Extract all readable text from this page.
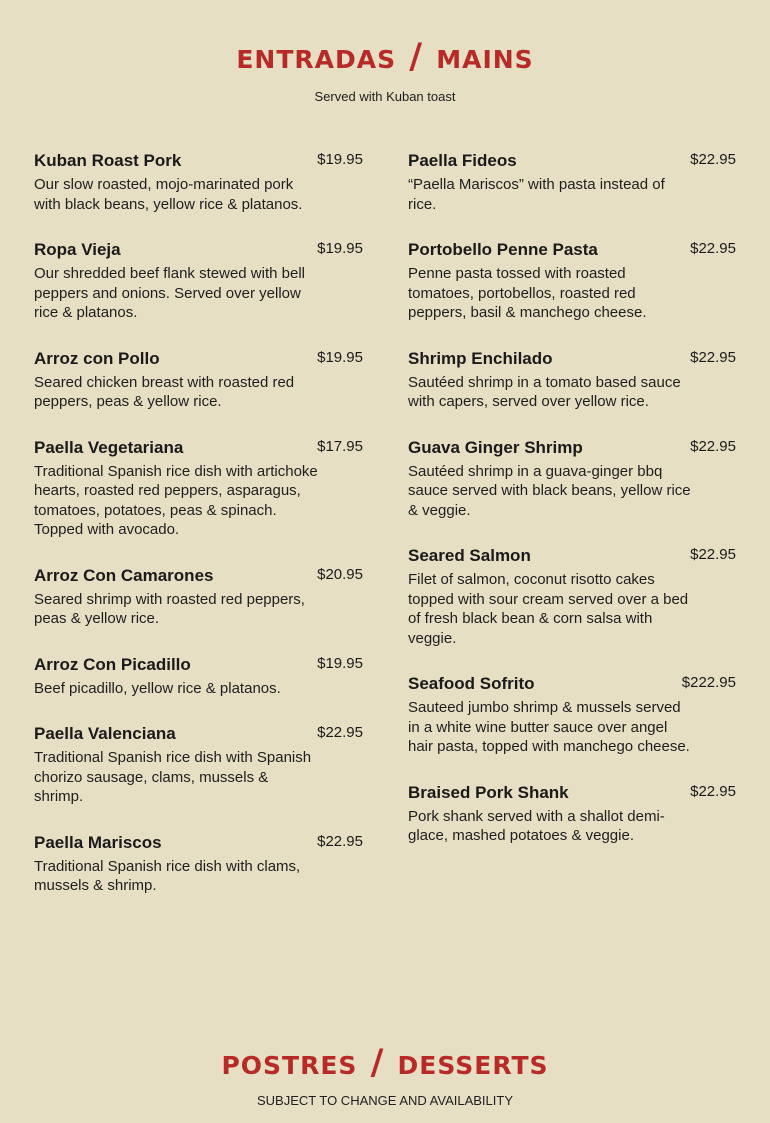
entradas / mains

Served with Kuban toast

Kuban Roast Pork	$19.95

Our slow roasted, mojo-marinated pork with black beans, yellow rice & platanos.

Ropa Vieja	$19.95

Our shredded beef flank stewed with bell peppers and onions. Served over yellow rice & platanos.

Arroz con Pollo	$19.95

Seared chicken breast with roasted red peppers, peas & yellow rice.

Paella Vegetariana	$17.95

Traditional Spanish rice dish with artichoke hearts, roasted red peppers, asparagus, tomatoes, potatoes, peas & spinach. Topped with avocado.

Arroz Con Camarones	$20.95

Seared shrimp with roasted red peppers, peas & yellow rice.

Arroz Con Picadillo	$19.95

Beef picadillo, yellow rice & platanos.

Paella Valenciana	$22.95

Traditional Spanish rice dish with Spanish chorizo sausage, clams, mussels & shrimp.

Paella Mariscos	$22.95

Traditional Spanish rice dish with clams, mussels & shrimp.

Paella Fideos	$22.95

“Paella Mariscos” with pasta instead of rice.

Portobello Penne Pasta	$22.95

Penne pasta tossed with roasted tomatoes, portobellos, roasted red peppers, basil & manchego cheese.

Shrimp Enchilado	$22.95

Sautéed shrimp in a tomato based sauce with capers, served over yellow rice.

Guava Ginger Shrimp	$22.95

Sautéed shrimp in a guava-ginger bbq sauce served with black beans, yellow rice & veggie.

Seared Salmon	$22.95

Filet of salmon, coconut risotto cakes topped with sour cream served over a bed of fresh black bean & corn salsa with veggie.

Seafood Sofrito	$222.95

Sauteed jumbo shrimp & mussels served in a white wine butter sauce over angel hair pasta, topped with manchego cheese.

Braised Pork Shank	$22.95

Pork shank served with a shallot demi-glace, mashed potatoes & veggie.

postres / desserts

SUBJECT TO CHANGE AND AVAILABILITY
